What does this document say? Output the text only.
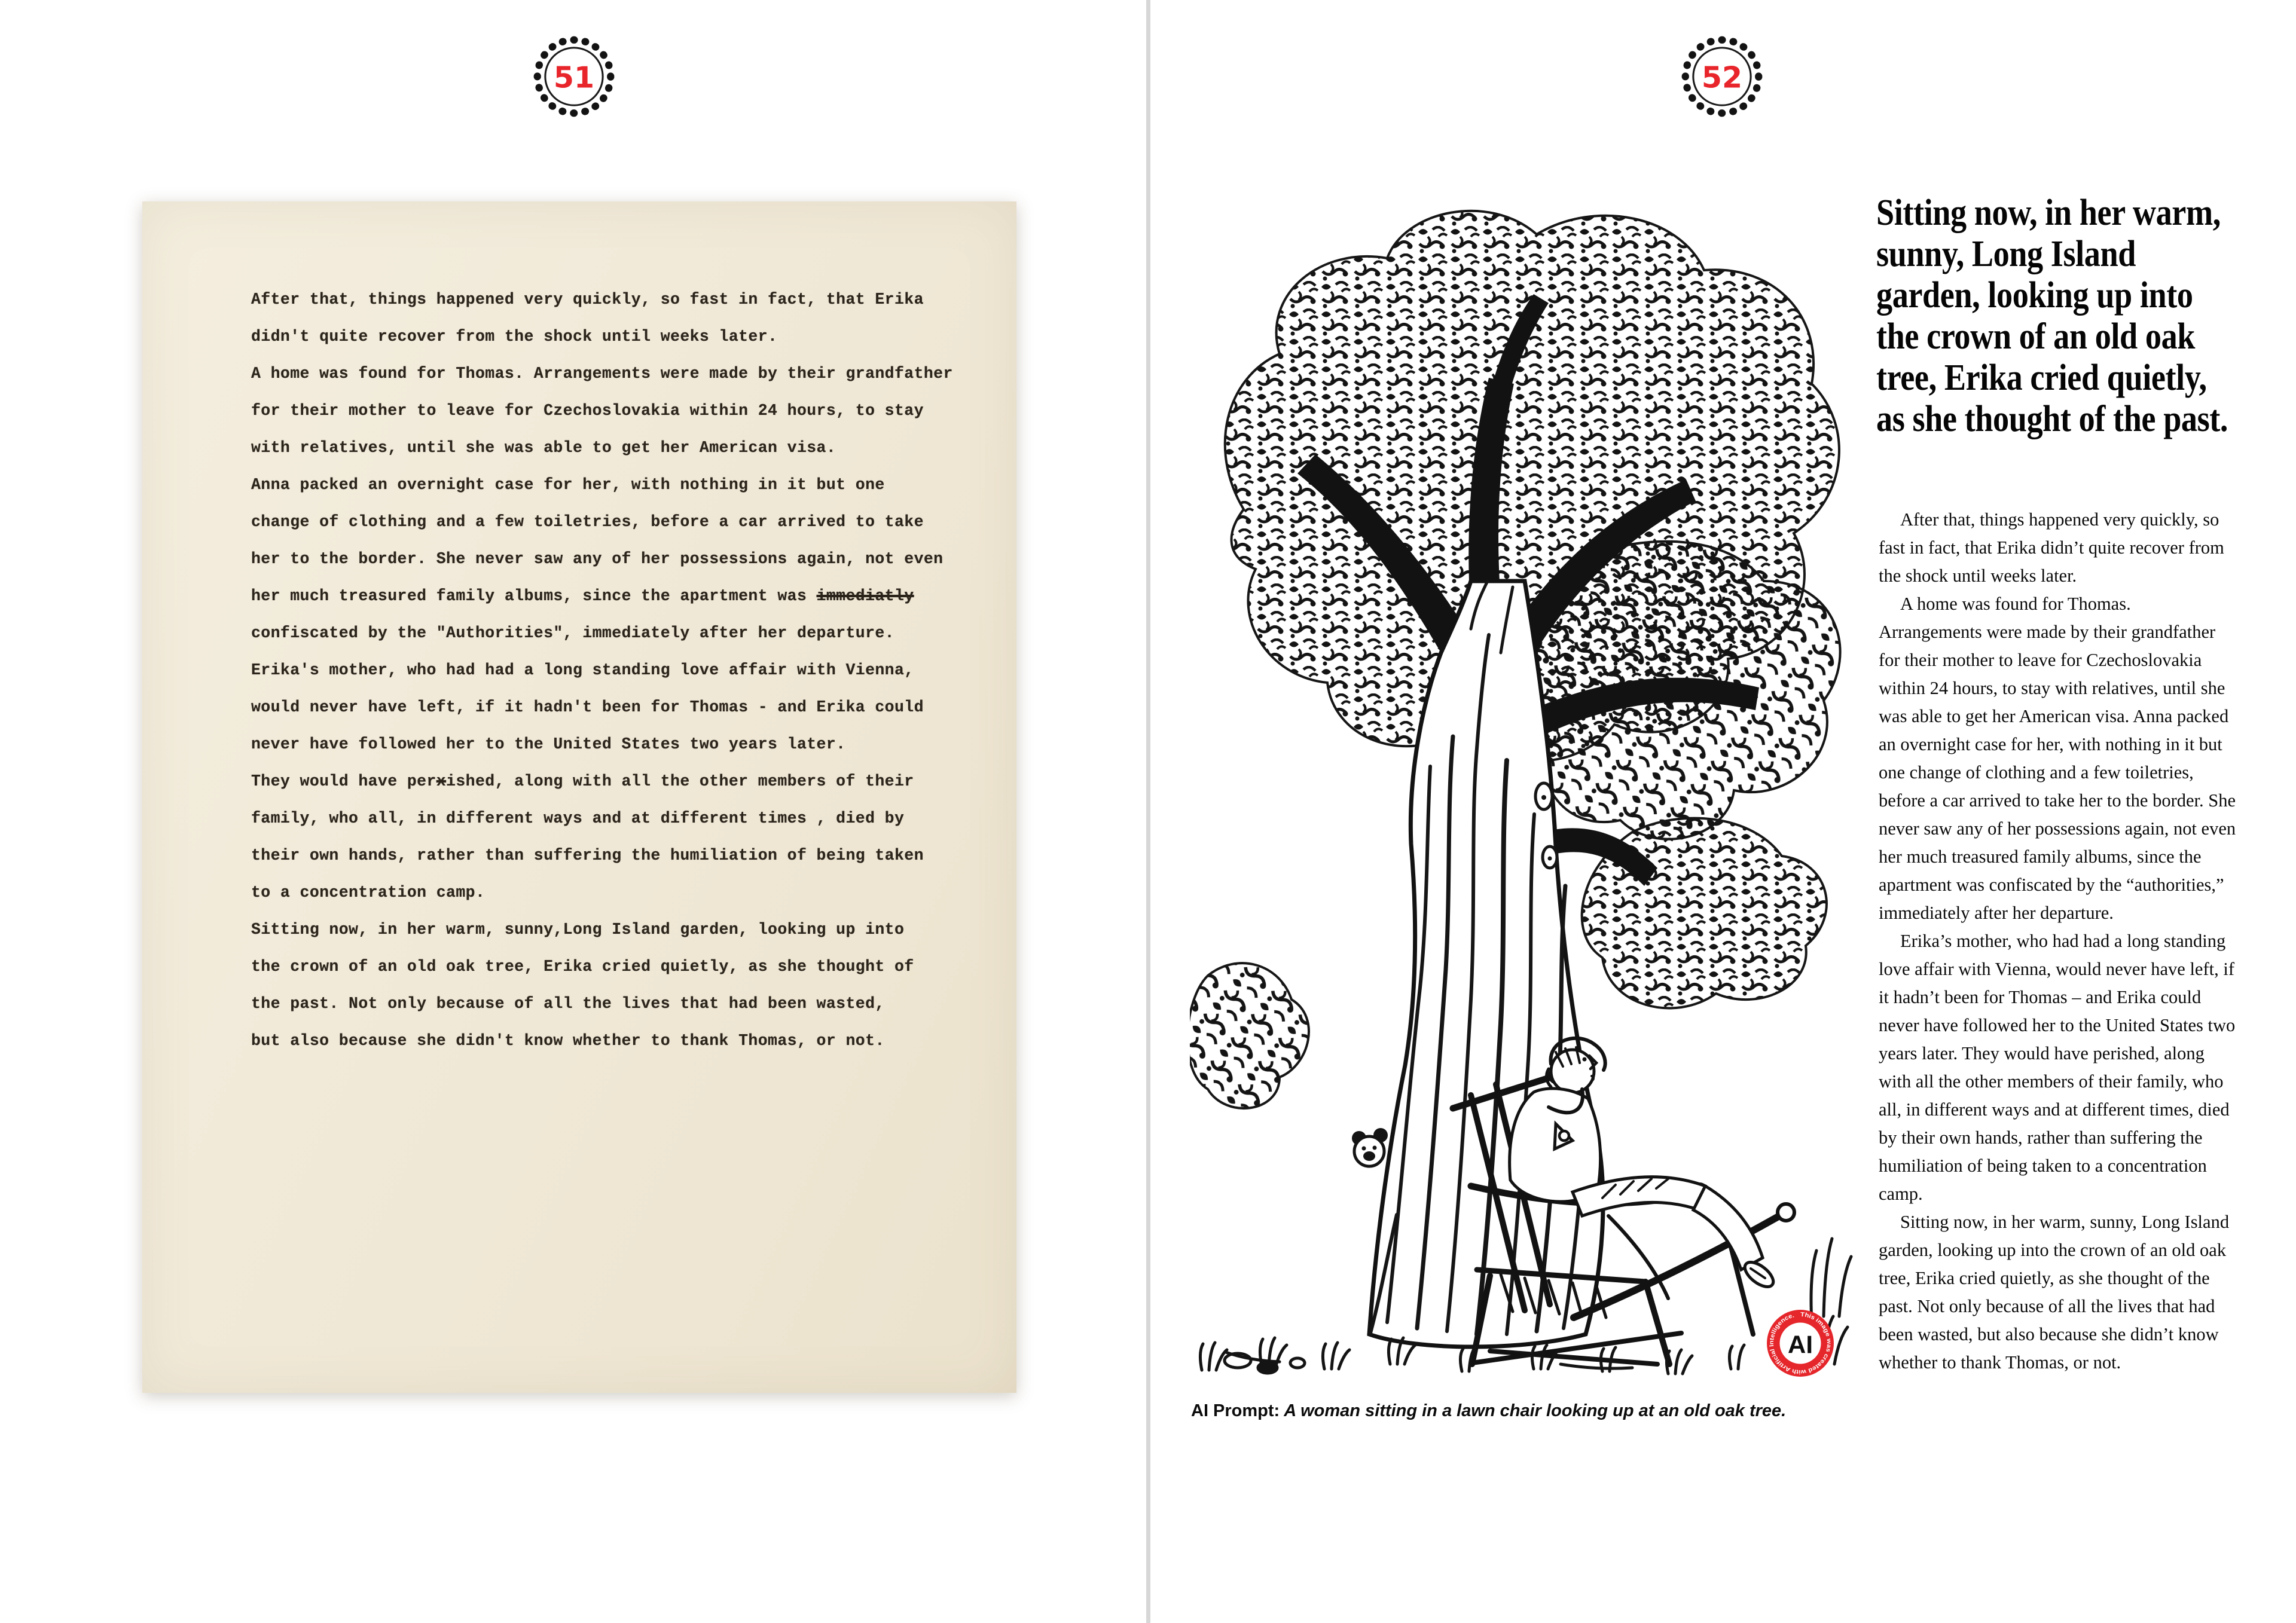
51
After that, things happened very quickly, so fast in fact, that Erika
didn't quite recover from the shock until weeks later.
A home was found for Thomas. Arrangements were made by their grandfather
for their mother to leave for Czechoslovakia within 24 hours, to stay
with relatives, until she was able to get her American visa.
Anna packed an overnight case for her, with nothing in it but one
change of clothing and a few toiletries, before a car arrived to take
her to the border. She never saw any of her possessions again, not even
her much treasured family albums, since the apartment was immediatly
confiscated by the "Authorities", immediately after her departure.
Erika's mother, who had had a long standing love affair with Vienna,
would never have left, if it hadn't been for Thomas - and Erika could
never have followed her to the United States two years later.
They would have perxished, along with all the other members of their
family, who all, in different ways and at different times , died by
their own hands, rather than suffering the humiliation of being taken
to a concentration camp.
Sitting now, in her warm, sunny,Long Island garden, looking up into
the crown of an old oak tree, Erika cried quietly, as she thought of
the past. Not only because of all the lives that had been wasted,
but also because she didn't know whether to thank Thomas, or not.
52
This image was created with Artificial Intelligence.
AI
AI Prompt: A woman sitting in a lawn chair looking up at an old oak tree.
Sitting now, in her warm, sunny, Long Island garden, looking up into the crown of an old oak tree, Erika cried quietly, as she thought of the past.

After that, things happened very quickly, so fast in fact, that Erika didn’t quite recover from the shock until weeks later.

A home was found for Thomas. Arrangements were made by their grandfather for their mother to leave for Czechoslovakia within 24 hours, to stay with relatives, until she was able to get her American visa. Anna packed an overnight case for her, with nothing in it but one change of clothing and a few toiletries, before a car arrived to take her to the border. She never saw any of her possessions again, not even her much treasured family albums, since the apartment was confiscated by the “authorities,” immediately after her departure.

Erika’s mother, who had had a long standing love affair with Vienna, would never have left, if it hadn’t been for Thomas – and Erika could never have followed her to the United States two years later. They would have perished, along with all the other members of their family, who all, in different ways and at different times, died by their own hands, rather than suffering the humiliation of being taken to a concentration camp.

Sitting now, in her warm, sunny, Long Island garden, looking up into the crown of an old oak tree, Erika cried quietly, as she thought of the past. Not only because of all the lives that had been wasted, but also because she didn’t know whether to thank Thomas, or not.
